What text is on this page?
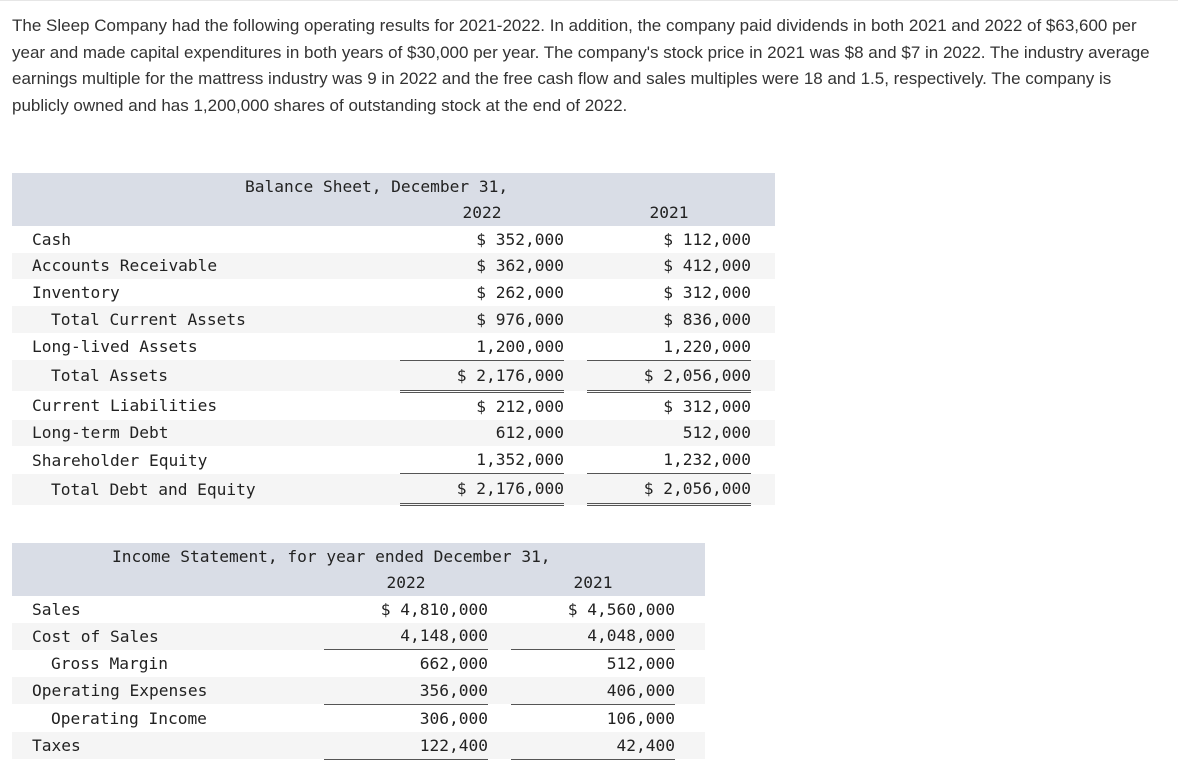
The Sleep Company had the following operating results for 2021-2022. In addition, the company paid dividends in both 2021 and 2022 of $63,600 per year and made capital expenditures in both years of $30,000 per year. The company's stock price in 2021 was $8 and $7 in 2022. The industry average earnings multiple for the mattress industry was 9 in 2022 and the free cash flow and sales multiples were 18 and 1.5, respectively. The company is publicly owned and has 1,200,000 shares of outstanding stock at the end of 2022.
Balance Sheet, December 31,				
	2022		2021	
Cash	$ 352,000		$ 112,000	
Accounts Receivable	$ 362,000		$ 412,000	
Inventory	$ 262,000		$ 312,000	
Total Current Assets	$ 976,000		$ 836,000	
Long-lived Assets	1,200,000		1,220,000	
Total Assets	$ 2,176,000		$ 2,056,000	
Current Liabilities	$ 212,000		$ 312,000	
Long-term Debt	612,000		512,000	
Shareholder Equity	1,352,000		1,232,000	
Total Debt and Equity	$ 2,176,000		$ 2,056,000	
Income Statement, for year ended December 31,				
	2022		2021	
Sales	$ 4,810,000		$ 4,560,000	
Cost of Sales	4,148,000		4,048,000	
Gross Margin	662,000		512,000	
Operating Expenses	356,000		406,000	
Operating Income	306,000		106,000	
Taxes	122,400		42,400	
